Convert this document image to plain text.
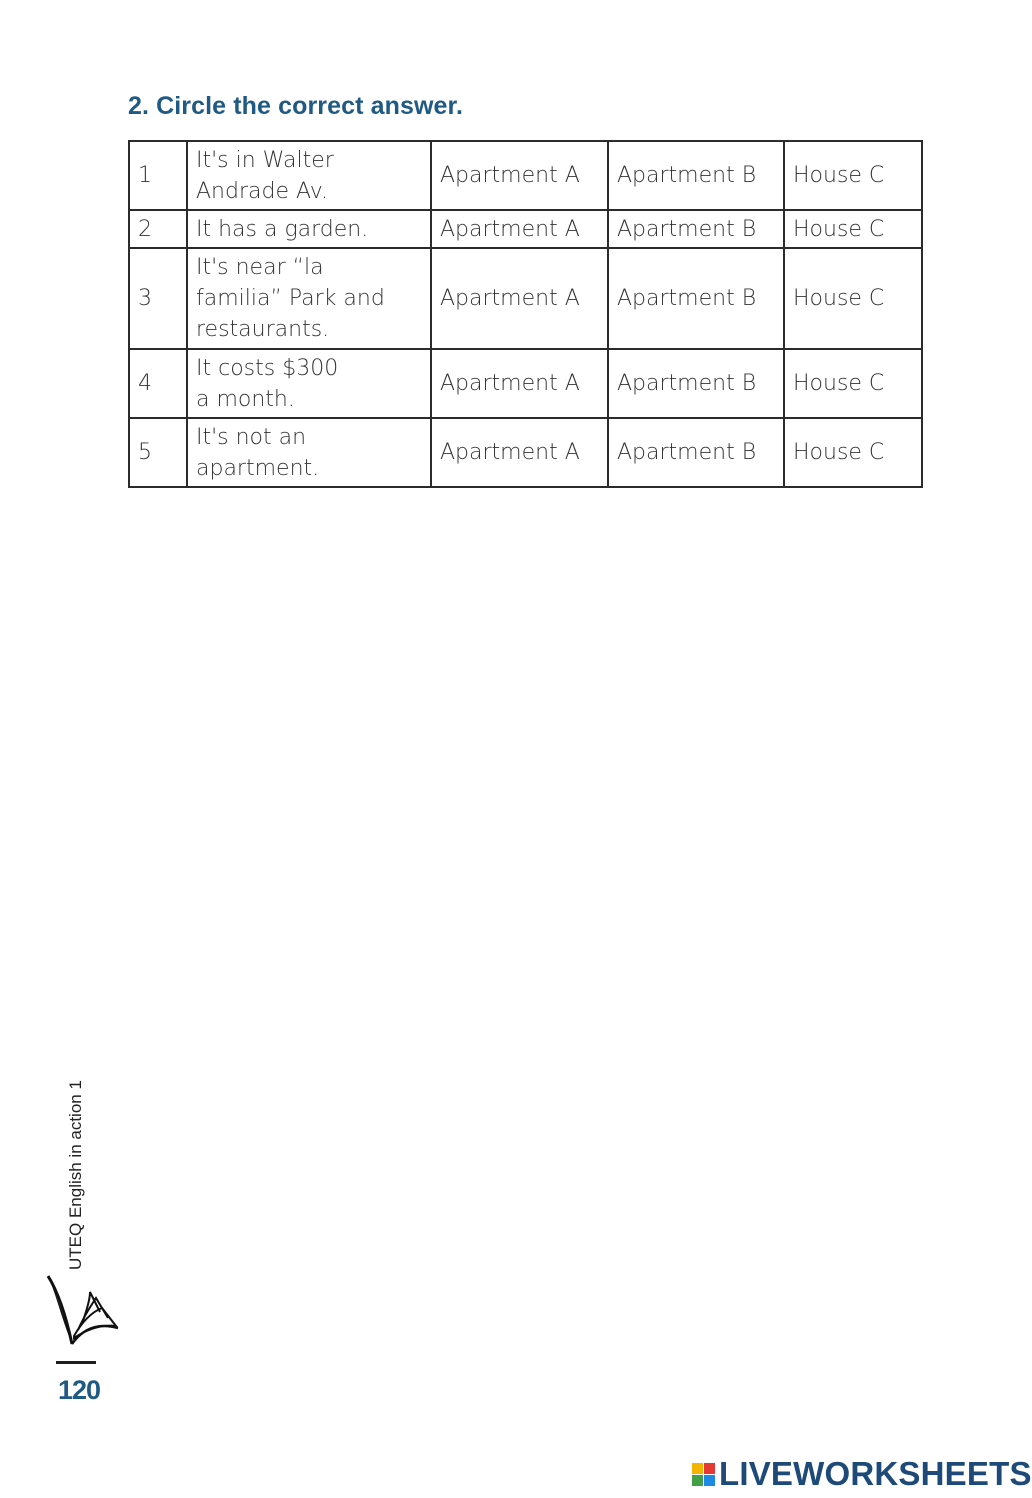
2. Circle the correct answer.
1	It's in Walter
Andrade Av.	Apartment A	Apartment B	House C
2	It has a garden.	Apartment A	Apartment B	House C
3	It's near “la
familia” Park and
restaurants.	Apartment A	Apartment B	House C
4	It costs $300
a month.	Apartment A	Apartment B	House C
5	It's not an
apartment.	Apartment A	Apartment B	House C
UTEQ English in action 1
120
LIVEWORKSHEETS
